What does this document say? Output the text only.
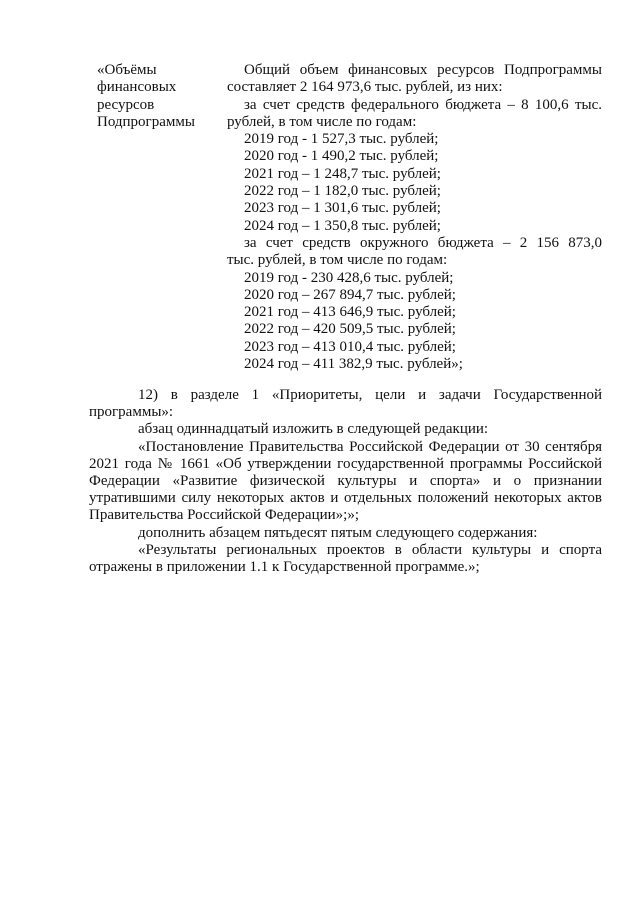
«Объёмы
финансовых
ресурсов
Подпрограммы
Общий объем финансовых ресурсов Подпрограммы
составляет 2 164 973,6 тыс. рублей, из них:
за счет средств федерального бюджета – 8 100,6 тыс.
рублей, в том числе по годам:
2019 год - 1 527,3 тыс. рублей;
2020 год - 1 490,2 тыс. рублей;
2021 год – 1 248,7 тыс. рублей;
2022 год – 1 182,0 тыс. рублей;
2023 год – 1 301,6 тыс. рублей;
2024 год – 1 350,8 тыс. рублей;
за счет средств окружного бюджета – 2 156 873,0
тыс. рублей, в том числе по годам:
2019 год - 230 428,6 тыс. рублей;
2020 год – 267 894,7 тыс. рублей;
2021 год – 413 646,9 тыс. рублей;
2022 год – 420 509,5 тыс. рублей;
2023 год – 413 010,4 тыс. рублей;
2024 год – 411 382,9 тыс. рублей»;
12) в разделе 1 «Приоритеты, цели и задачи Государственной
программы»:
абзац одиннадцатый изложить в следующей редакции:
«Постановление Правительства Российской Федерации от 30 сентября
2021 года № 1661 «Об утверждении государственной программы Российской
Федерации «Развитие физической культуры и спорта» и о признании
утратившими силу некоторых актов и отдельных положений некоторых актов
Правительства Российской Федерации»;»;
дополнить абзацем пятьдесят пятым следующего содержания:
«Результаты региональных проектов в области культуры и спорта
отражены в приложении 1.1 к Государственной программе.»;
